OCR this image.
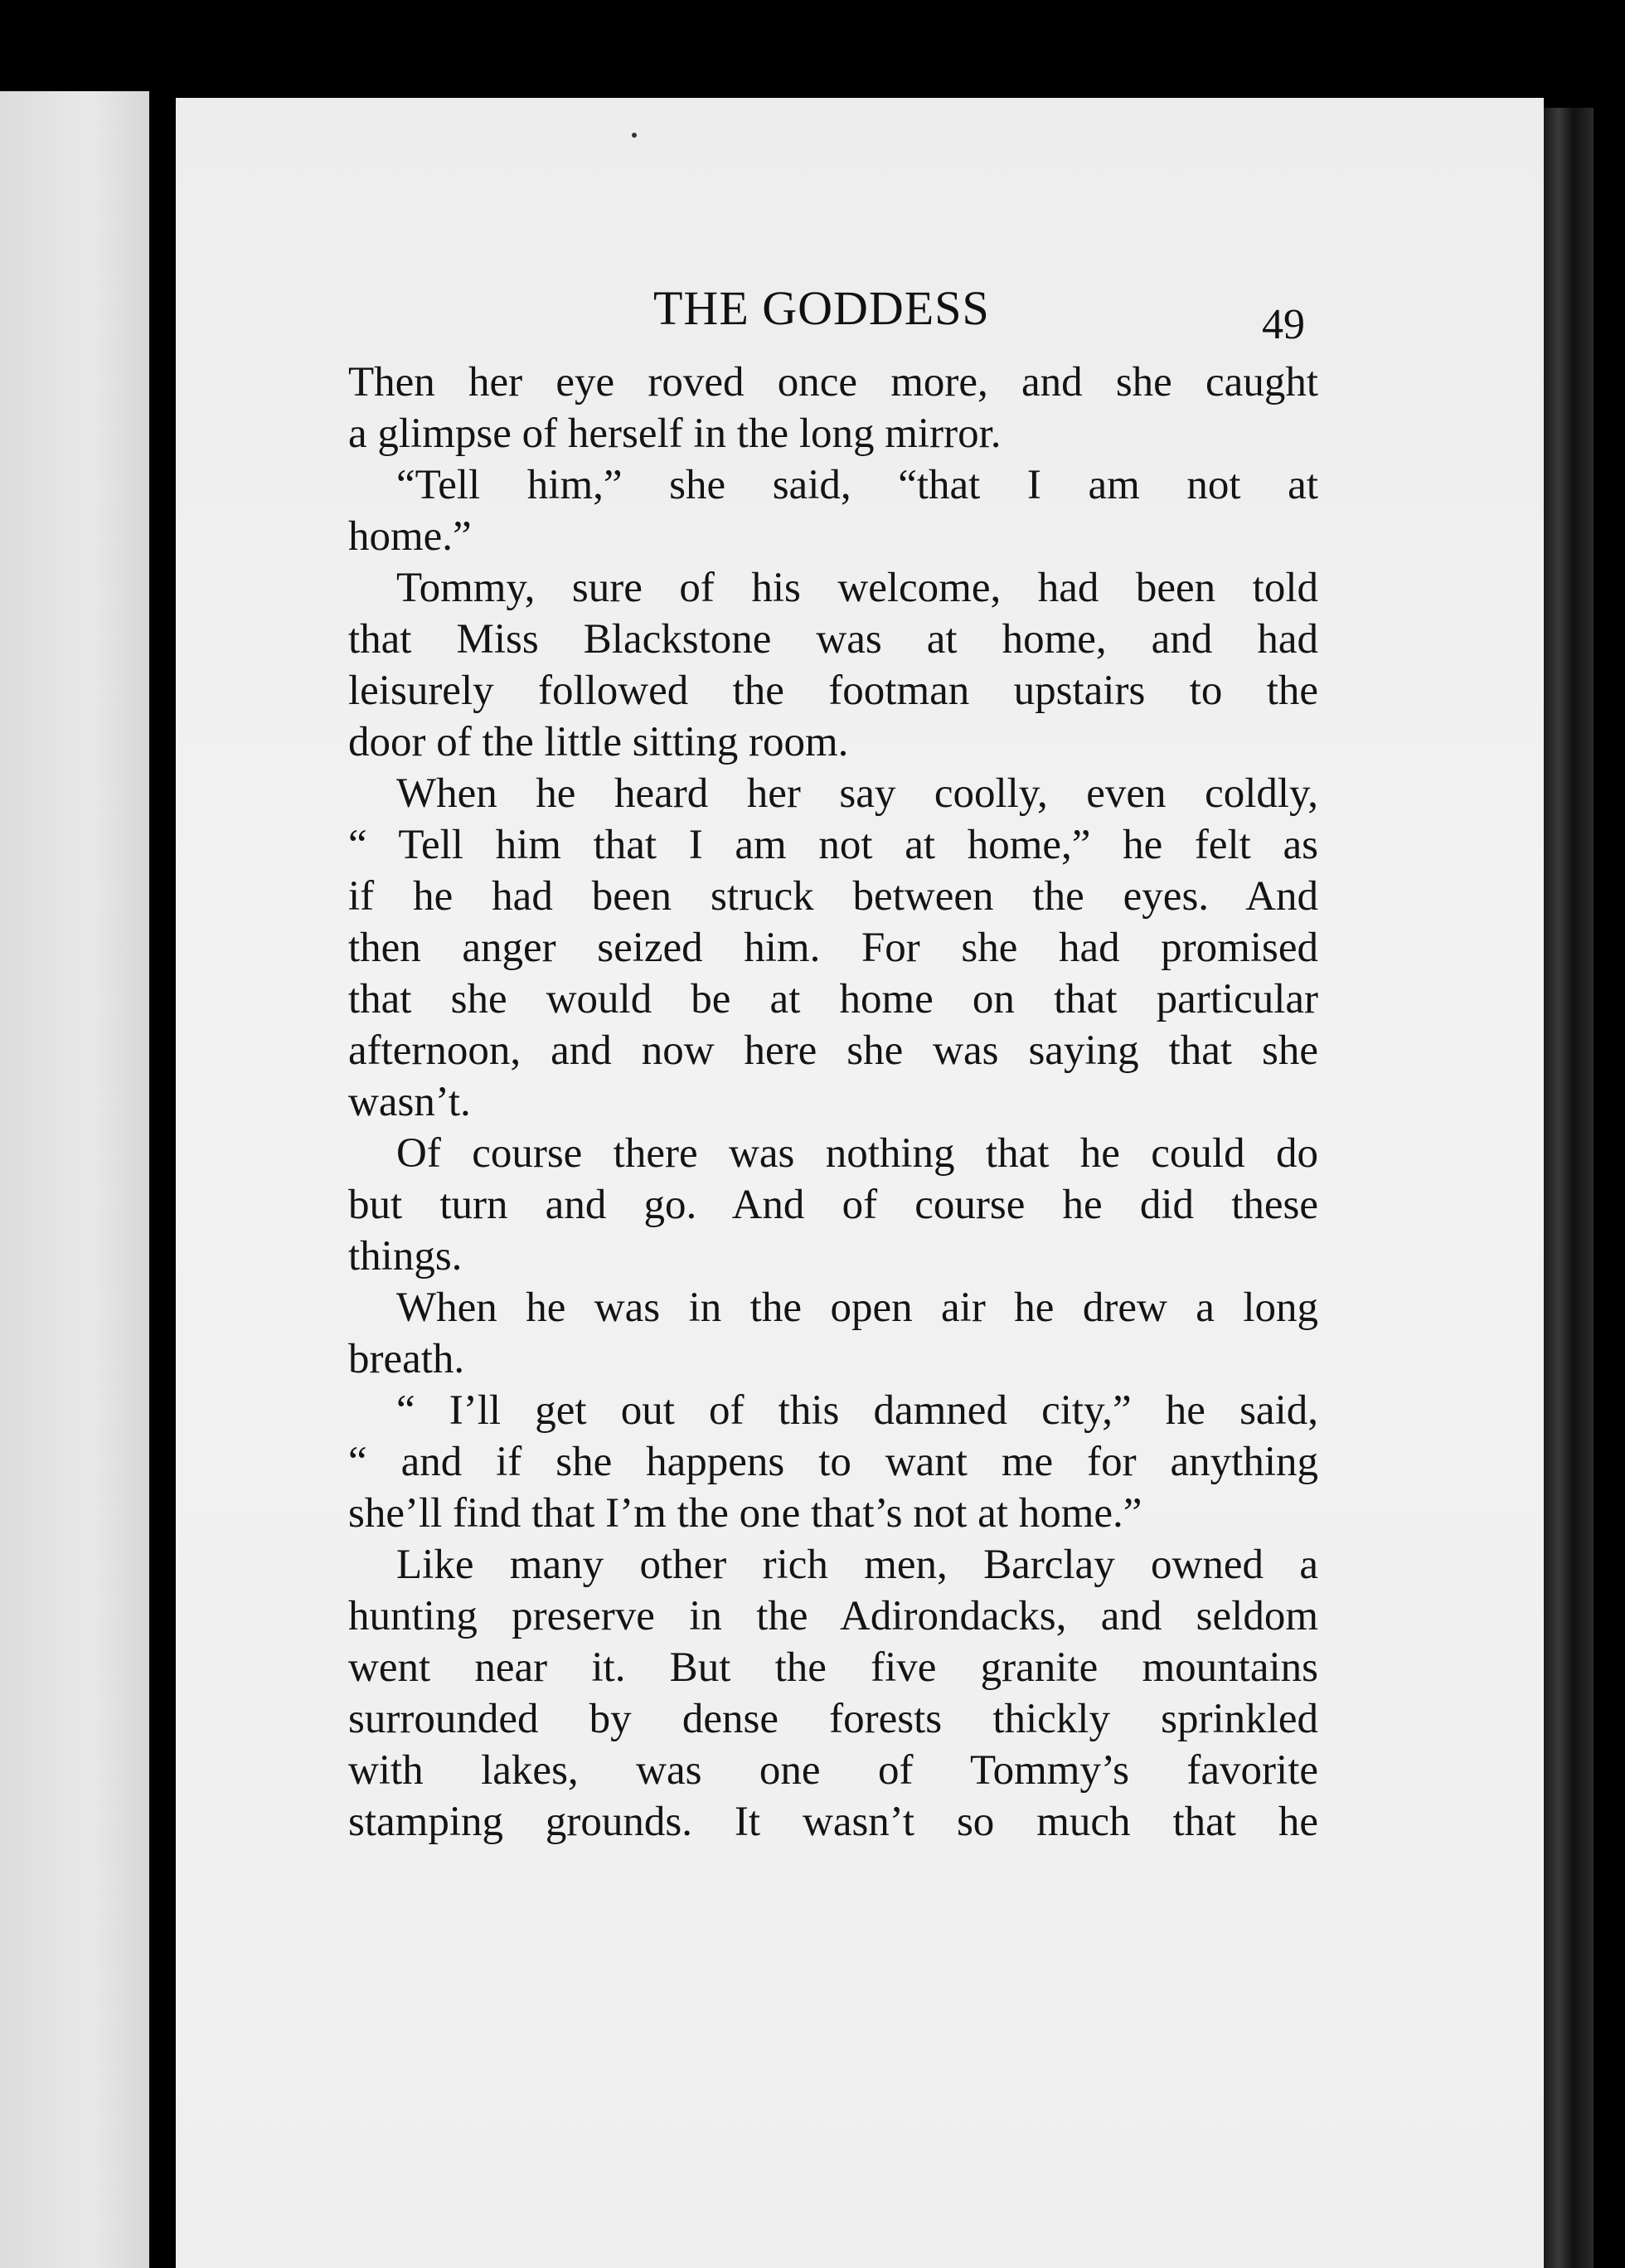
THE GODDESS	49
Then her eye roved once more, and she caught
a glimpse of herself in the long mirror.
“Tell him,” she said, “that I am not at
home.”
Tommy, sure of his welcome, had been told
that Miss Blackstone was at home, and had
leisurely followed the footman upstairs to the
door of the little sitting room.
When he heard her say coolly, even coldly,
“ Tell him that I am not at home,” he felt as
if he had been struck between the eyes. And
then anger seized him. For she had promised
that she would be at home on that particular
afternoon, and now here she was saying that she
wasn’t.
Of course there was nothing that he could do
but turn and go. And of course he did these
things.
When he was in the open air he drew a long
breath.
“ I’ll get out of this damned city,” he said,
“ and if she happens to want me for anything
she’ll find that I’m the one that’s not at home.”
Like many other rich men, Barclay owned a
hunting preserve in the Adirondacks, and seldom
went near it. But the five granite mountains
surrounded by dense forests thickly sprinkled
with lakes, was one of Tommy’s favorite
stamping grounds. It wasn’t so much that he
